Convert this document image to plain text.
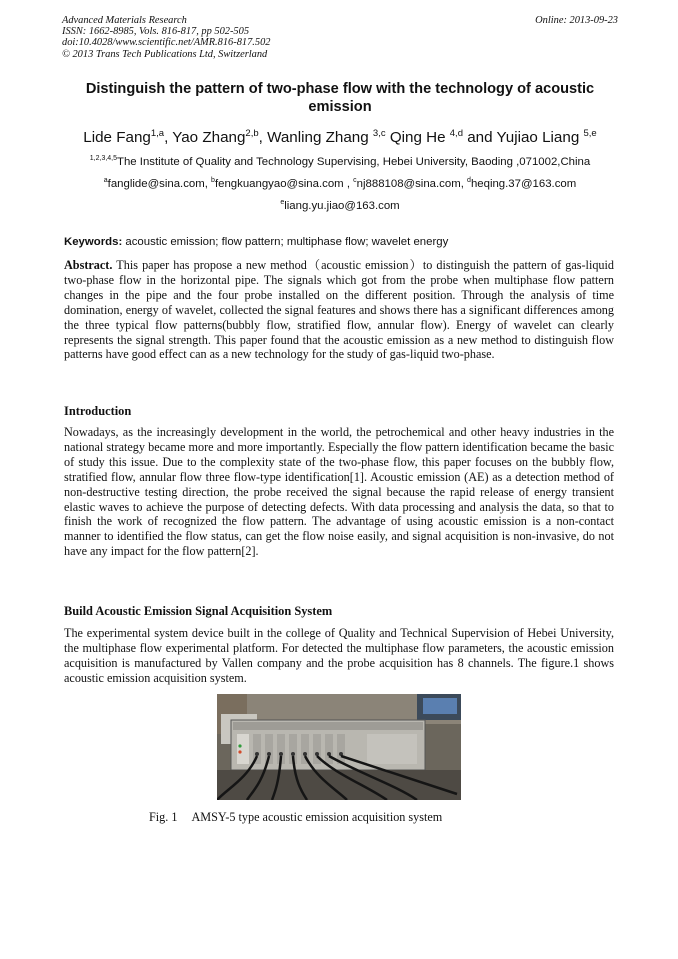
Advanced Materials Research
ISSN: 1662-8985, Vols. 816-817, pp 502-505
doi:10.4028/www.scientific.net/AMR.816-817.502
© 2013 Trans Tech Publications Ltd, Switzerland
Online: 2013-09-23
Distinguish the pattern of two-phase flow with the technology of acoustic emission
Lide Fang$^{1,a}$, Yao Zhang$^{2,b}$, Wanling Zhang $^{3,c}$ Qing He $^{4,d}$ and Yujiao Liang $^{5,e}$
$^{1,2,3,4,5}$The Institute of Quality and Technology Supervising, Hebei University, Baoding ,071002,China
$^a$fanglide@sina.com, $^b$fengkuangyao@sina.com , $^c$nj888108@sina.com, $^d$heqing.37@163.com
$^e$liang.yu.jiao@163.com
Keywords: acoustic emission; flow pattern; multiphase flow; wavelet energy
Abstract. This paper has propose a new method（acoustic emission）to distinguish the pattern of gas-liquid two-phase flow in the horizontal pipe. The signals which got from the probe when multiphase flow pattern changes in the pipe and the four probe installed on the different position. Through the analysis of time domination, energy of wavelet, collected the signal features and shows there has a significant differences among the three typical flow patterns(bubbly flow, stratified flow, annular flow). Energy of wavelet can clearly represents the signal strength. This paper found that the acoustic emission as a new method to distinguish flow patterns have good effect can as a new technology for the study of gas-liquid two-phase.
Introduction
Nowadays, as the increasingly development in the world, the petrochemical and other heavy industries in the national strategy became more and more importantly. Especially the flow pattern identification became the basic of study this issue. Due to the complexity state of the two-phase flow, this paper focuses on the bubbly flow, stratified flow, annular flow three flow-type identification[1]. Acoustic emission (AE) as a detection method of non-destructive testing direction, the probe received the signal because the rapid release of energy transient elastic waves to achieve the purpose of detecting defects. With data processing and analysis the data, so that to finish the work of recognized the flow pattern. The advantage of using acoustic emission is a non-contact manner to identified the flow status, can get the flow noise easily, and signal acquisition is non-invasive, do not have any impact for the flow pattern[2].
Build Acoustic Emission Signal Acquisition System
The experimental system device built in the college of Quality and Technical Supervision of Hebei University, the multiphase flow experimental platform. For detected the multiphase flow parameters, the acoustic emission acquisition is manufactured by Vallen company and the probe acquisition has 8 channels. The figure.1 shows acoustic emission acquisition system.
Fig. 1 AMSY-5 type acoustic emission acquisition system
